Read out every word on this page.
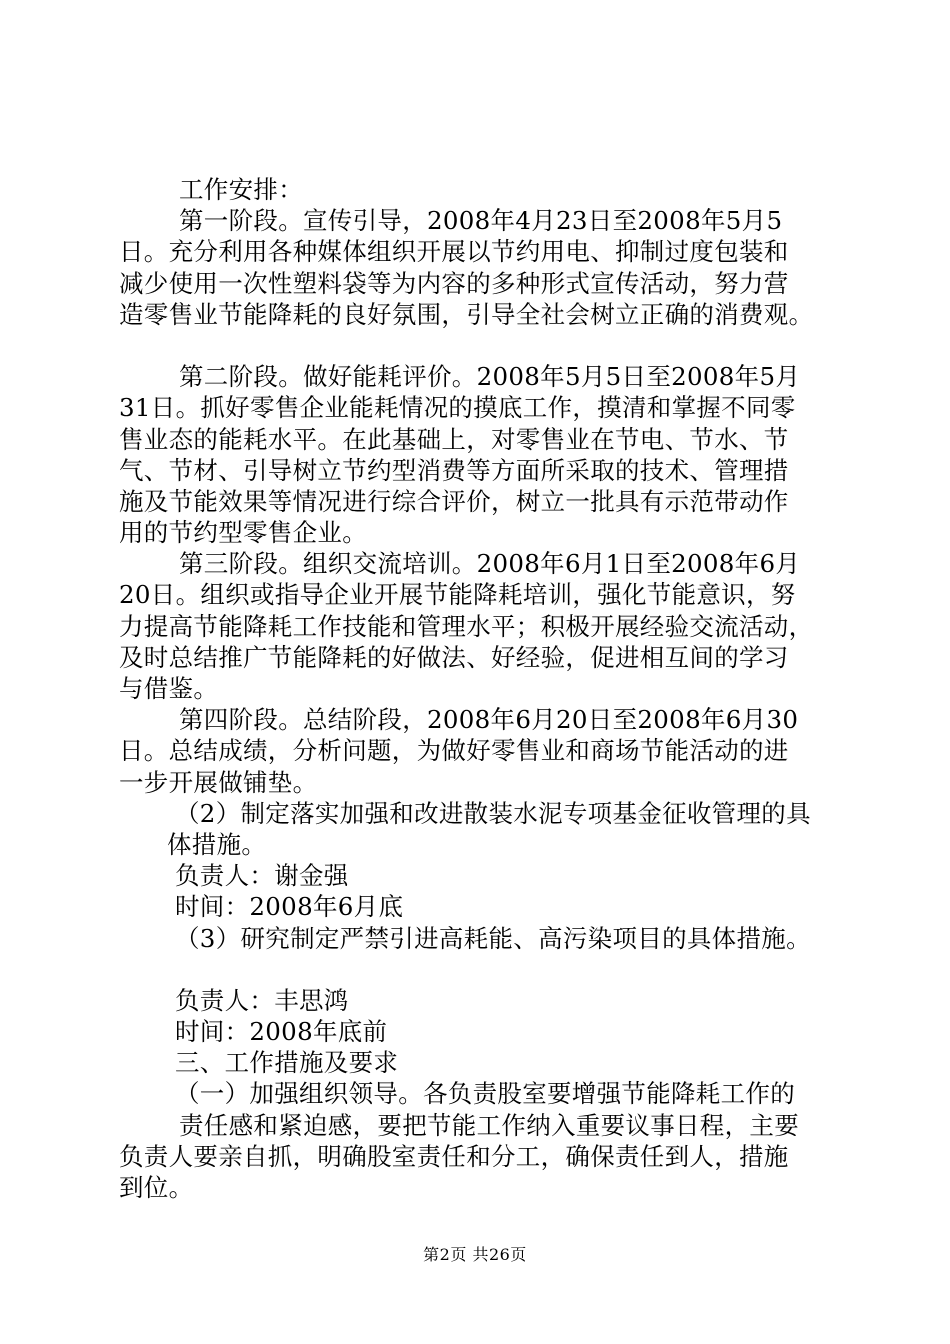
工作安排：
第一阶段。宣传引导，2008年4月23日至2008年5月5
日。充分利用各种媒体组织开展以节约用电、抑制过度包装和
减少使用一次性塑料袋等为内容的多种形式宣传活动，努力营
造零售业节能降耗的良好氛围，引导全社会树立正确的消费观。
第二阶段。做好能耗评价。2008年5月5日至2008年5月
31日。抓好零售企业能耗情况的摸底工作，摸清和掌握不同零
售业态的能耗水平。在此基础上，对零售业在节电、节水、节
气、节材、引导树立节约型消费等方面所采取的技术、管理措
施及节能效果等情况进行综合评价，树立一批具有示范带动作
用的节约型零售企业。
第三阶段。组织交流培训。2008年6月1日至2008年6月
20日。组织或指导企业开展节能降耗培训，强化节能意识，努
力提高节能降耗工作技能和管理水平；积极开展经验交流活动，
及时总结推广节能降耗的好做法、好经验，促进相互间的学习
与借鉴。
第四阶段。总结阶段，2008年6月20日至2008年6月30
日。总结成绩，分析问题，为做好零售业和商场节能活动的进
一步开展做铺垫。
（2）制定落实加强和改进散装水泥专项基金征收管理的具
体措施。
负责人：谢金强
时间：2008年6月底
（3）研究制定严禁引进高耗能、高污染项目的具体措施。
负责人：丰思鸿
时间：2008年底前
三、工作措施及要求
（一）加强组织领导。各负责股室要增强节能降耗工作的
责任感和紧迫感，要把节能工作纳入重要议事日程，主要
负责人要亲自抓，明确股室责任和分工，确保责任到人，措施
到位。
第2页 共26页
